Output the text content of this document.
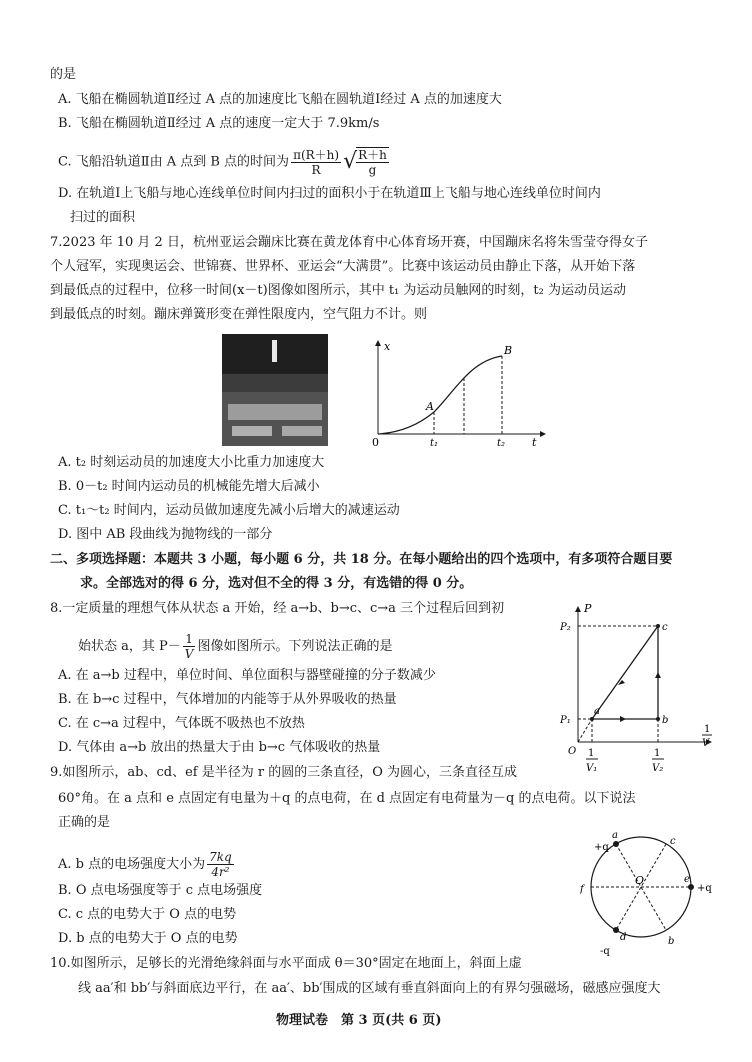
的是
A. 飞船在椭圆轨道Ⅱ经过 A 点的加速度比飞船在圆轨道Ⅰ经过 A 点的加速度大
B. 飞船在椭圆轨道Ⅱ经过 A 点的速度一定大于 7.9km/s
C. 飞船沿轨道Ⅱ由 A 点到 B 点的时间为 $\frac{\pi(R+h)}{R}$ √ $\frac{R+h}{g}$
D. 在轨道Ⅰ上飞船与地心连线单位时间内扫过的面积小于在轨道Ⅲ上飞船与地心连线单位时间内
扫过的面积
7.2023 年 10 月 2 日，杭州亚运会蹦床比赛在黄龙体育中心体育场开赛，中国蹦床名将朱雪莹夺得女子
个人冠军，实现奥运会、世锦赛、世界杯、亚运会“大满贯”。比赛中该运动员由静止下落，从开始下落
到最低点的过程中，位移一时间(x－t)图像如图所示，其中 t₁ 为运动员触网的时刻，t₂ 为运动员运动
到最低点的时刻。蹦床弹簧形变在弹性限度内，空气阻力不计。则
x
t
0
A
B
t₁	t₂
A. t₂ 时刻运动员的加速度大小比重力加速度大
B. 0－t₂ 时间内运动员的机械能先增大后减小
C. t₁～t₂ 时间内，运动员做加速度先减小后增大的减速运动
D. 图中 AB 段曲线为抛物线的一部分
二、多项选择题：本题共 3 小题，每小题 6 分，共 18 分。在每小题给出的四个选项中，有多项符合题目要
求。全部选对的得 6 分，选对但不全的得 3 分，有选错的得 0 分。
8.一定质量的理想气体从状态 a 开始，经 a→b、b→c、c→a 三个过程后回到初
始状态 a，其 $P- \frac{1}{V}$ 图像如图所示。下列说法正确的是
A. 在 a→b 过程中，单位时间、单位面积与器壁碰撞的分子数减少
B. 在 b→c 过程中，气体增加的内能等于从外界吸收的热量
C. 在 c→a 过程中，气体既不吸热也不放热
D. 气体由 a→b 放出的热量大于由 b→c 气体吸收的热量
P
P₂
P₁
a
b
c
O 1
V₁
1
V₂
1
V
9.如图所示，ab、cd、ef 是半径为 r 的圆的三条直径，O 为圆心，三条直径互成
60°角。在 a 点和 e 点固定有电量为＋q 的点电荷，在 d 点固定有电荷量为－q 的点电荷。以下说法
正确的是
A. b 点的电场强度大小为 $\frac{7kq}{\text{4r²}}$
B. O 点电场强度等于 c 点电场强度
C. c 点的电势大于 O 点的电势
D. b 点的电势大于 O 点的电势
a
+q
c
e
+q
f
O
d
-q
b
10.如图所示，足够长的光滑绝缘斜面与水平面成 θ＝30°固定在地面上，斜面上虚
线 aa′和 bb′与斜面底边平行，在 aa′、bb′围成的区域有垂直斜面向上的有界匀强磁场，磁感应强度大
物理试卷　第 3 页(共 6 页)
